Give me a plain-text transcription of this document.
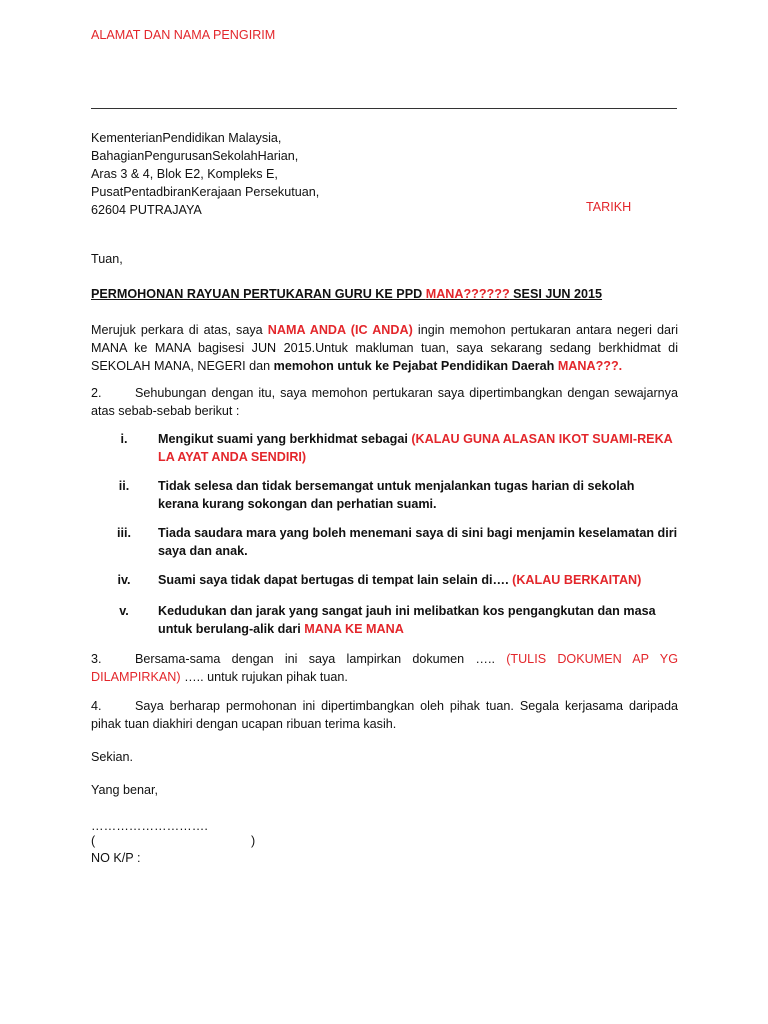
ALAMAT DAN NAMA PENGIRIM
KementerianPendidikan Malaysia,
BahagianPengurusanSekolahHarian,
Aras 3 & 4, Blok E2, Kompleks E,
PusatPentadbiranKerajaan Persekutuan,
62604 PUTRAJAYA	TARIKH
Tuan,
PERMOHONAN RAYUAN PERTUKARAN GURU KE PPD MANA?????? SESI JUN 2015
Merujuk perkara di atas, saya NAMA ANDA (IC ANDA) ingin memohon pertukaran antara negeri dari MANA ke MANA bagisesi JUN 2015.Untuk makluman tuan, saya sekarang sedang berkhidmat di SEKOLAH MANA, NEGERI dan memohon untuk ke Pejabat Pendidikan Daerah MANA???.
2.	Sehubungan dengan itu, saya memohon pertukaran saya dipertimbangkan dengan sewajarnya atas sebab-sebab berikut :
i.	Mengikut suami yang berkhidmat sebagai (KALAU GUNA ALASAN IKOT SUAMI-REKA LA AYAT ANDA SENDIRI)
ii.	Tidak selesa dan tidak bersemangat untuk menjalankan tugas harian di sekolah kerana kurang sokongan dan perhatian suami.
iii.	Tiada saudara mara yang boleh menemani saya di sini bagi menjamin keselamatan diri saya dan anak.
iv.	Suami saya tidak dapat bertugas di tempat lain selain di…. (KALAU BERKAITAN)
v.	Kedudukan dan jarak yang sangat jauh ini melibatkan kos pengangkutan dan masa untuk berulang-alik dari MANA KE MANA
3.	Bersama-sama dengan ini saya lampirkan dokumen ….. (TULIS DOKUMEN AP YG DILAMPIRKAN) ….. untuk rujukan pihak tuan.
4.	Saya berharap permohonan ini dipertimbangkan oleh pihak tuan. Segala kerjasama daripada pihak tuan diakhiri dengan ucapan ribuan terima kasih.
Sekian.
Yang benar,
……………………….
(	)
NO K/P :
